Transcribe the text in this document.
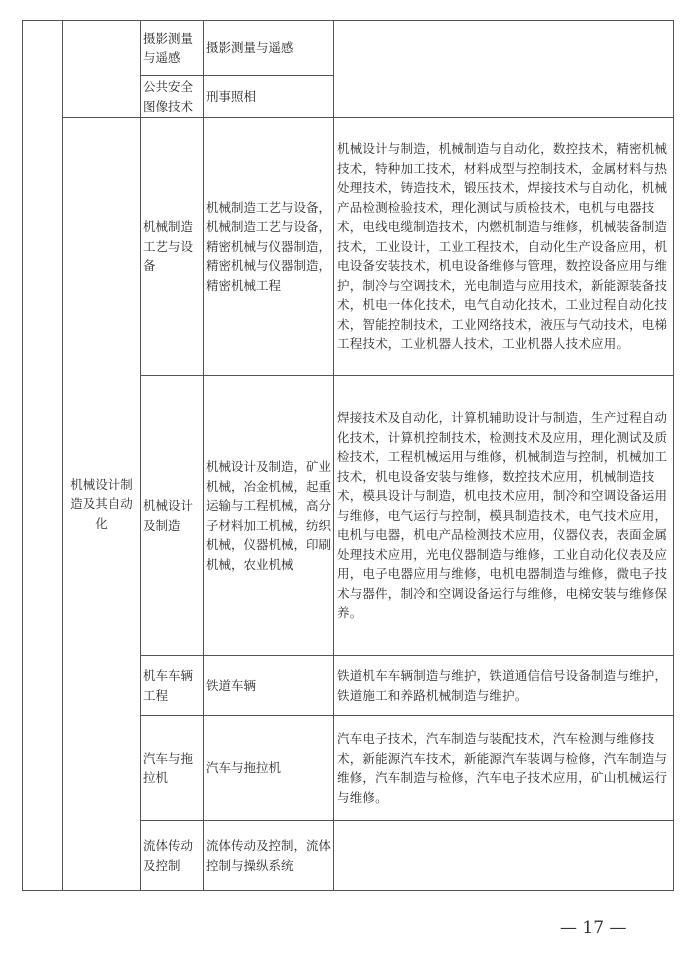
		摄影测量与遥感	摄影测量与遥感	
		公共安全图像技术	刑事照相	
	机械设计制造及其自动化	机械制造工艺与设备	机械制造工艺与设备，机械制造工艺与设备，精密机械与仪器制造，精密机械与仪器制造，精密机械工程	机械设计与制造，机械制造与自动化，数控技术，精密机械技术，特种加工技术，材料成型与控制技术，金属材料与热处理技术，铸造技术，锻压技术，焊接技术与自动化，机械产品检测检验技术，理化测试与质检技术，电机与电器技术，电线电缆制造技术，内燃机制造与维修，机械装备制造技术，工业设计，工业工程技术，自动化生产设备应用，机电设备安装技术，机电设备维修与管理，数控设备应用与维护，制冷与空调技术，光电制造与应用技术，新能源装备技术，机电一体化技术，电气自动化技术，工业过程自动化技术，智能控制技术，工业网络技术，液压与气动技术，电梯工程技术，工业机器人技术，工业机器人技术应用。
		机械设计及制造	机械设计及制造，矿业机械，冶金机械，起重运输与工程机械，高分子材料加工机械，纺织机械，仪器机械，印刷机械，农业机械	焊接技术及自动化，计算机辅助设计与制造，生产过程自动化技术，计算机控制技术，检测技术及应用，理化测试及质检技术，工程机械运用与维修，机械制造与控制，机械加工技术，机电设备安装与维修，数控技术应用，机械制造技术，模具设计与制造，机电技术应用，制冷和空调设备运用与维修，电气运行与控制，模具制造技术，电气技术应用，电机与电器，机电产品检测技术应用，仪器仪表，表面金属处理技术应用，光电仪器制造与维修，工业自动化仪表及应用，电子电器应用与维修，电机电器制造与维修，微电子技术与器件，制冷和空调设备运行与维修，电梯安装与维修保养。
		机车车辆工程	铁道车辆	铁道机车车辆制造与维护，铁道通信信号设备制造与维护，铁道施工和养路机械制造与维护。
		汽车与拖拉机	汽车与拖拉机	汽车电子技术，汽车制造与装配技术，汽车检测与维修技术，新能源汽车技术，新能源汽车装调与检修，汽车制造与维修，汽车制造与检修，汽车电子技术应用，矿山机械运行与维修。
		流体传动及控制	流体传动及控制，流体控制与操纵系统	
— 17 —
